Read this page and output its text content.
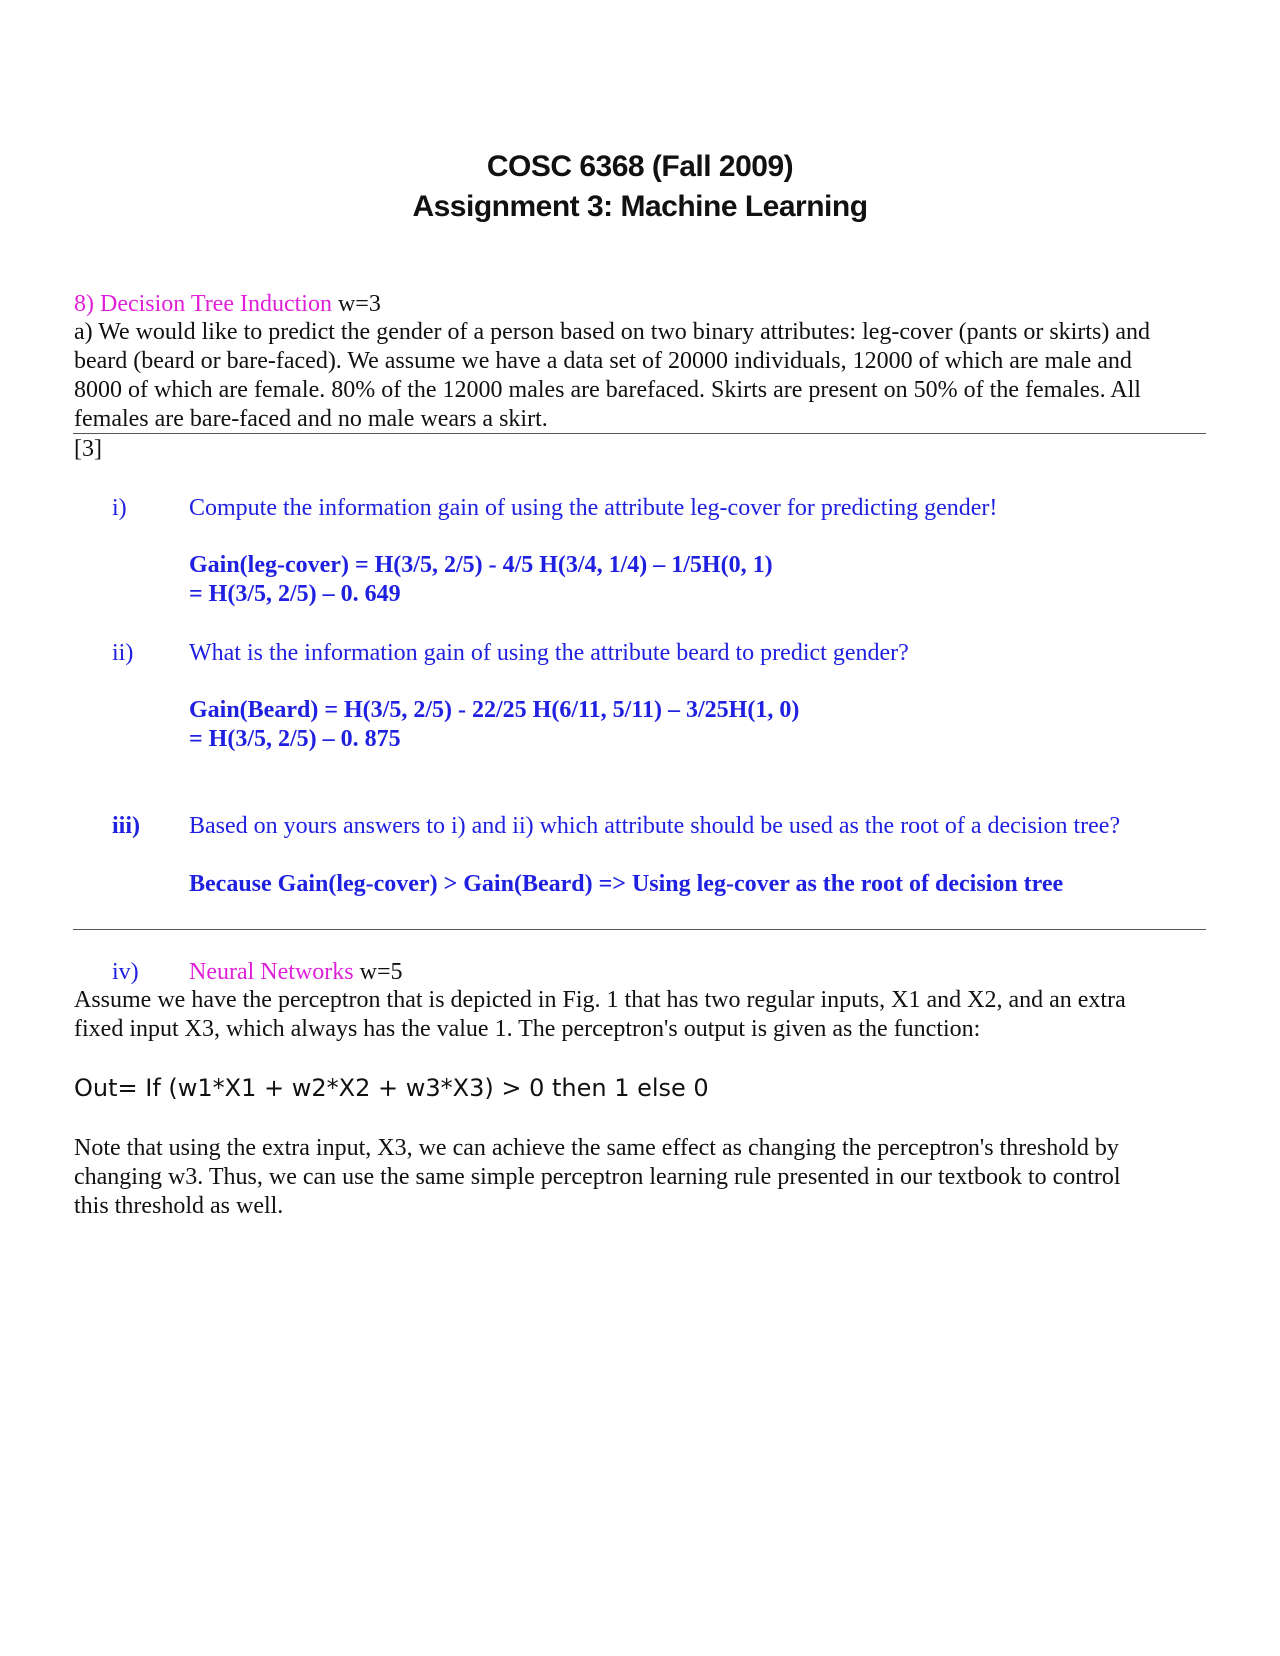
COSC 6368 (Fall 2009)
Assignment 3: Machine Learning
8) Decision Tree Induction w=3
a) We would like to predict the gender of a person based on two binary attributes: leg-cover (pants or skirts) and
beard (beard or bare-faced). We assume we have a data set of 20000 individuals, 12000 of which are male and
8000 of which are female. 80% of the 12000 males are barefaced. Skirts are present on 50% of the females. All
females are bare-faced and no male wears a skirt.
[3]
i)	Compute the information gain of using the attribute leg-cover for predicting gender!
Gain(leg-cover) = H(3/5, 2/5) - 4/5 H(3/4, 1/4) – 1/5H(0, 1)
= H(3/5, 2/5) – 0. 649
ii) What is the information gain of using the attribute beard to predict gender?
Gain(Beard) = H(3/5, 2/5) - 22/25 H(6/11, 5/11) – 3/25H(1, 0)
= H(3/5, 2/5) – 0. 875
iii) Based on yours answers to i) and ii) which attribute should be used as the root of a decision tree?
Because Gain(leg-cover) > Gain(Beard) => Using leg-cover as the root of decision tree
iv) Neural Networks w=5
Assume we have the perceptron that is depicted in Fig. 1 that has two regular inputs, X1 and X2, and an extra
fixed input X3, which always has the value 1. The perceptron's output is given as the function:
Out= If (w1*X1 + w2*X2 + w3*X3) > 0 then 1 else 0
Note that using the extra input, X3, we can achieve the same effect as changing the perceptron's threshold by
changing w3. Thus, we can use the same simple perceptron learning rule presented in our textbook to control
this threshold as well.
